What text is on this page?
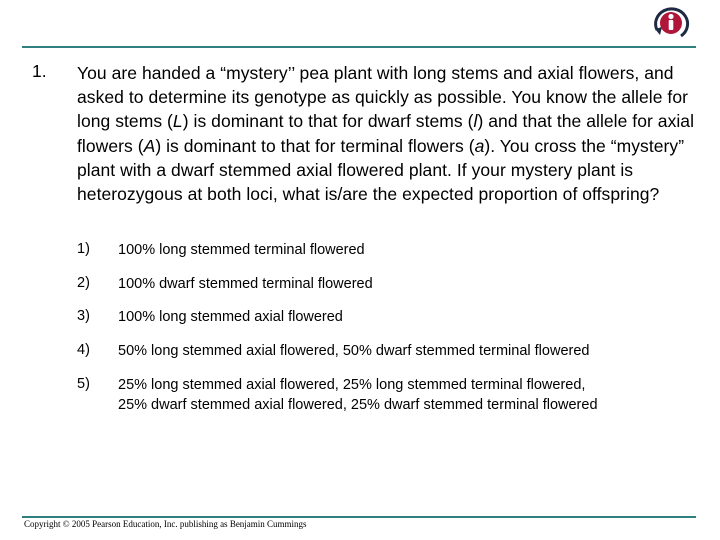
1. You are handed a “mystery’’ pea plant with long stems and axial flowers, and asked to determine its genotype as quickly as possible. You know the allele for long stems (L) is dominant to that for dwarf stems (l) and that the allele for axial flowers (A) is dominant to that for terminal flowers (a). You cross the “mystery” plant with a dwarf stemmed axial flowered plant. If your mystery plant is heterozygous at both loci, what is/are the expected proportion of offspring?
1) 100% long stemmed terminal flowered
2) 100% dwarf stemmed terminal flowered
3) 100% long stemmed axial flowered
4) 50% long stemmed axial flowered, 50% dwarf stemmed terminal flowered
5) 25% long stemmed axial flowered, 25% long stemmed terminal flowered,
25% dwarf stemmed axial flowered, 25% dwarf stemmed terminal flowered
Copyright © 2005 Pearson Education, Inc. publishing as Benjamin Cummings
